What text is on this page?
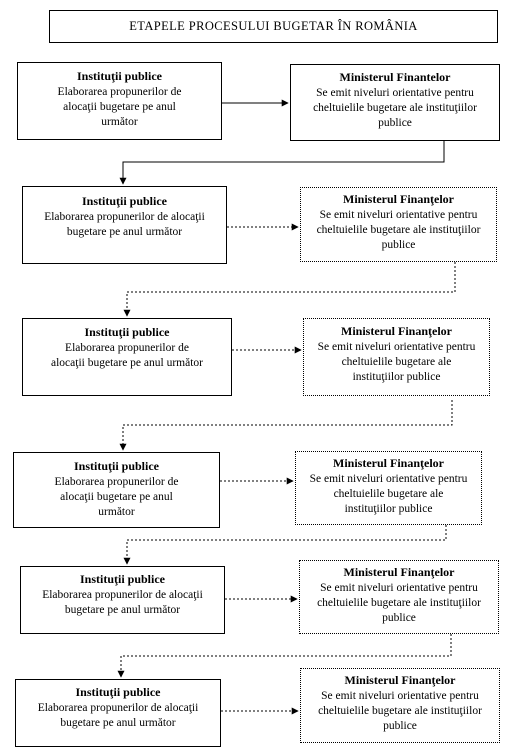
ETAPELE PROCESULUI BUGETAR ÎN ROMÂNIA
Instituţii publice
Elaborarea propunerilor de alocaţii bugetare pe anul următor
Ministerul Finantelor
Se emit niveluri orientative pentru cheltuielile bugetare ale instituţiilor publice
Instituţii publice
Elaborarea propunerilor de alocaţii bugetare pe anul următor
Ministerul Finanţelor
Se emit niveluri orientative pentru cheltuielile bugetare ale instituţiilor publice
Instituţii publice
Elaborarea propunerilor de alocaţii bugetare pe anul următor
Ministerul Finanţelor
Se emit niveluri orientative pentru cheltuielile bugetare ale instituţiilor publice
Instituţii publice
Elaborarea propunerilor de alocaţii bugetare pe anul următor
Ministerul Finanţelor
Se emit niveluri orientative pentru cheltuielile bugetare ale instituţiilor publice
Instituţii publice
Elaborarea propunerilor de alocaţii bugetare pe anul următor
Ministerul Finanţelor
Se emit niveluri orientative pentru cheltuielile bugetare ale instituţiilor publice
Instituţii publice
Elaborarea propunerilor de alocaţii bugetare pe anul următor
Ministerul Finanţelor
Se emit niveluri orientative pentru cheltuielile bugetare ale instituţiilor publice
